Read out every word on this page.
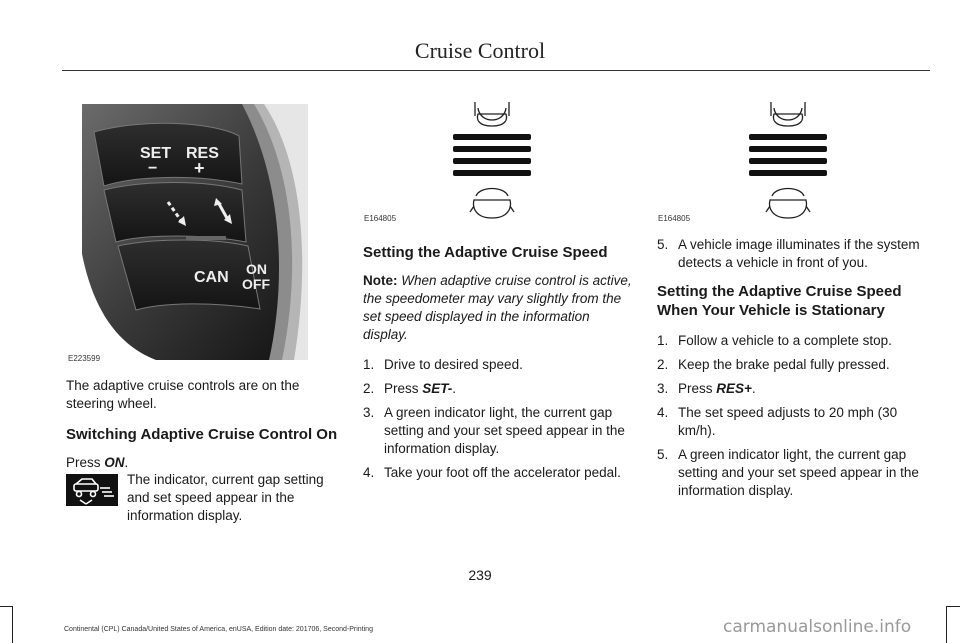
Cruise Control
SET
−
RES
+
CAN ON
OFF
E223599
E164805	E164805

The adaptive cruise controls are on the steering wheel.

Switching Adaptive Cruise Control On

Press ON.

The indicator, current gap setting and set speed appear in the information display.

Setting the Adaptive Cruise Speed

Note: When adaptive cruise control is active, the speedometer may vary slightly from the set speed displayed in the information display.

1. Drive to desired speed.
2. Press SET-.
3. A green indicator light, the current gap setting and your set speed appear in the information display.
4. Take your foot off the accelerator pedal.
5. A vehicle image illuminates if the system detects a vehicle in front of you.

Setting the Adaptive Cruise Speed When Your Vehicle is Stationary

1. Follow a vehicle to a complete stop.
2. Keep the brake pedal fully pressed.
3. Press RES+.
4. The set speed adjusts to 20 mph (30 km/h).
5. A green indicator light, the current gap setting and your set speed appear in the information display.
239
Continental (CPL) Canada/United States of America, enUSA, Edition date: 201706, Second-Printing	carmanualsonline.info
